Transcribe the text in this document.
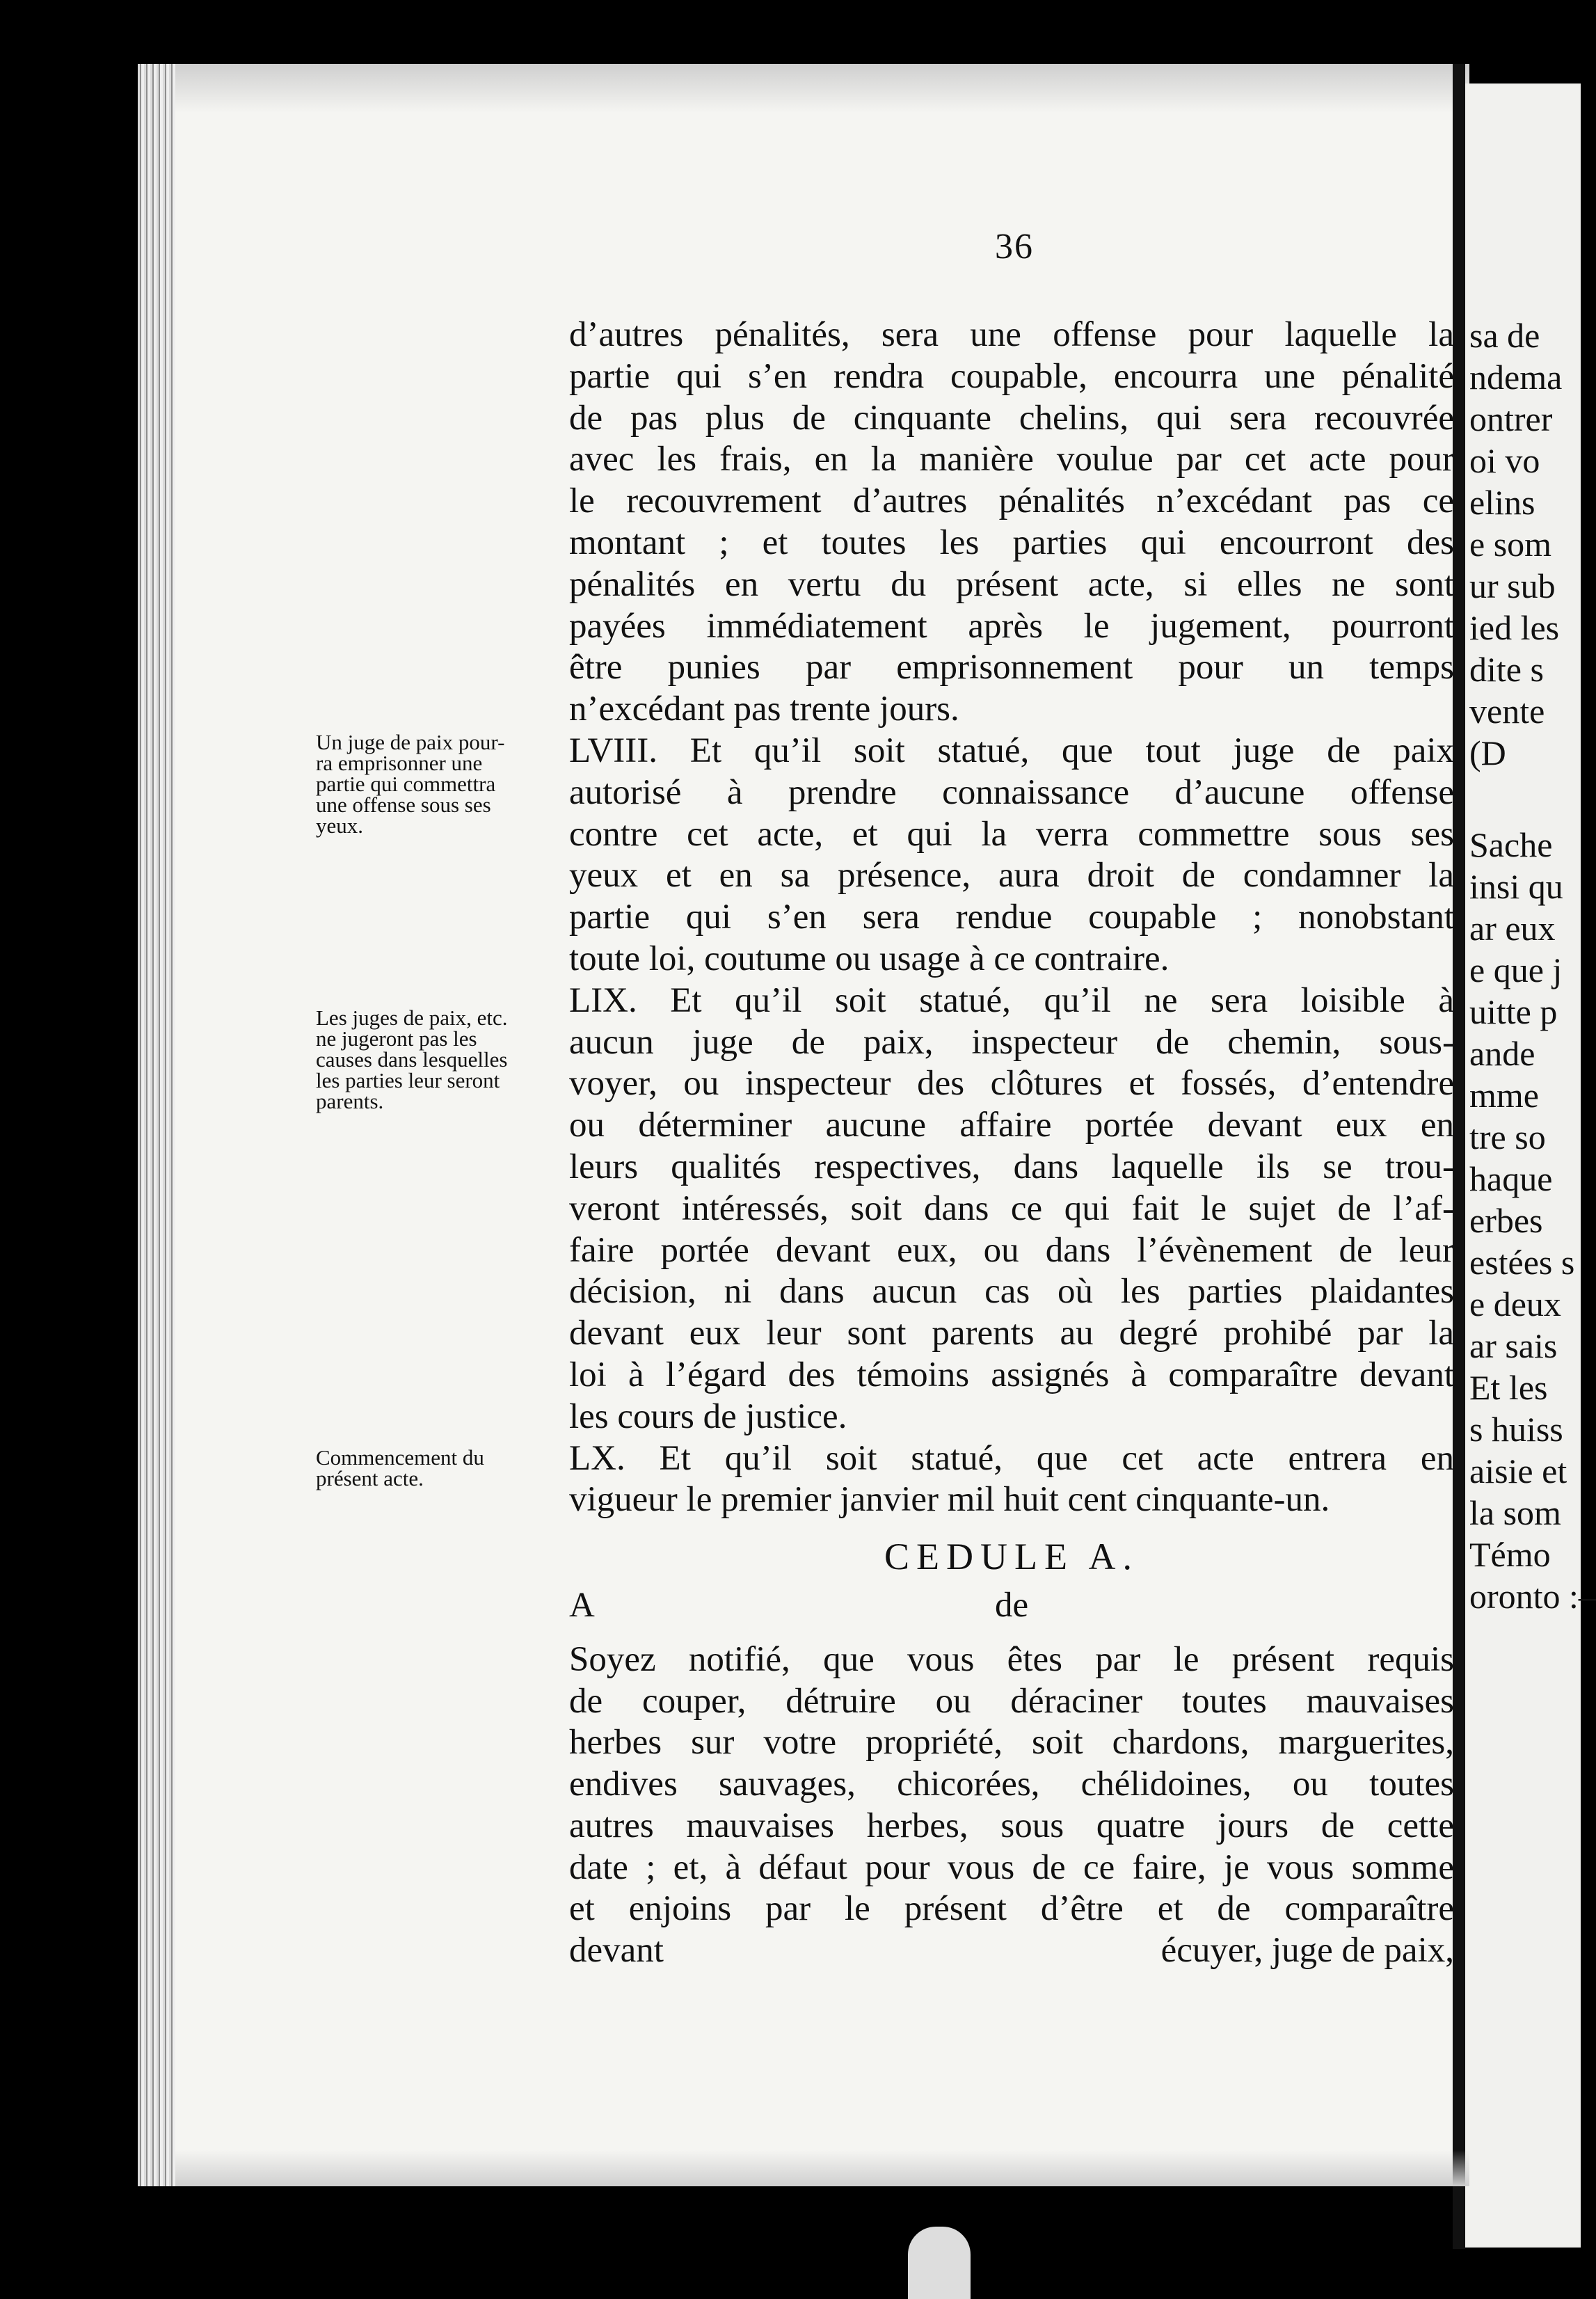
sa de
ndema
ontrer
oi vo
elins
e som
ur sub
ied les
dite s
vente
(D
Sache
insi qu
ar eux
e que j
uitte p
ande
mme
tre so
haque
erbes
estées s
e deux
ar sais
Et les
s huiss
aisie et
la som
Témo
oronto :–
36
d’autres pénalités, sera une offense pour laquelle la
partie qui s’en rendra coupable, encourra une pénalité
de pas plus de cinquante chelins, qui sera recouvrée
avec les frais, en la manière voulue par cet acte pour
le recouvrement d’autres pénalités n’excédant pas ce
montant ; et toutes les parties qui encourront des
pénalités en vertu du présent acte, si elles ne sont
payées immédiatement après le jugement, pourront
être punies par emprisonnement pour un temps
n’excédant pas trente jours.
LVIII. Et qu’il soit statué, que tout juge de paix
autorisé à prendre connaissance d’aucune offense
contre cet acte, et qui la verra commettre sous ses
yeux et en sa présence, aura droit de condamner la
partie qui s’en sera rendue coupable ; nonobstant
toute loi, coutume ou usage à ce contraire.
LIX. Et qu’il soit statué, qu’il ne sera loisible à
aucun juge de paix, inspecteur de chemin, sous-
voyer, ou inspecteur des clôtures et fossés, d’entendre
ou déterminer aucune affaire portée devant eux en
leurs qualités respectives, dans laquelle ils se trou-
veront intéressés, soit dans ce qui fait le sujet de l’af-
faire portée devant eux, ou dans l’évènement de leur
décision, ni dans aucun cas où les parties plaidantes
devant eux leur sont parents au degré prohibé par la
loi à l’égard des témoins assignés à comparaître devant
les cours de justice.
LX. Et qu’il soit statué, que cet acte entrera en
vigueur le premier janvier mil huit cent cinquante-un.
CEDULE A.
A	de
Soyez notifié, que vous êtes par le présent requis
de couper, détruire ou déraciner toutes mauvaises
herbes sur votre propriété, soit chardons, marguerites,
endives sauvages, chicorées, chélidoines, ou toutes
autres mauvaises herbes, sous quatre jours de cette
date ; et, à défaut pour vous de ce faire, je vous somme
et enjoins par le présent d’être et de comparaître
devant	écuyer, juge de paix,
Un juge de paix pour-
ra emprisonner une
partie qui commettra
une offense sous ses
yeux.
Les juges de paix, etc.
ne jugeront pas les
causes dans lesquelles
les parties leur seront
parents.
Commencement du
présent acte.
